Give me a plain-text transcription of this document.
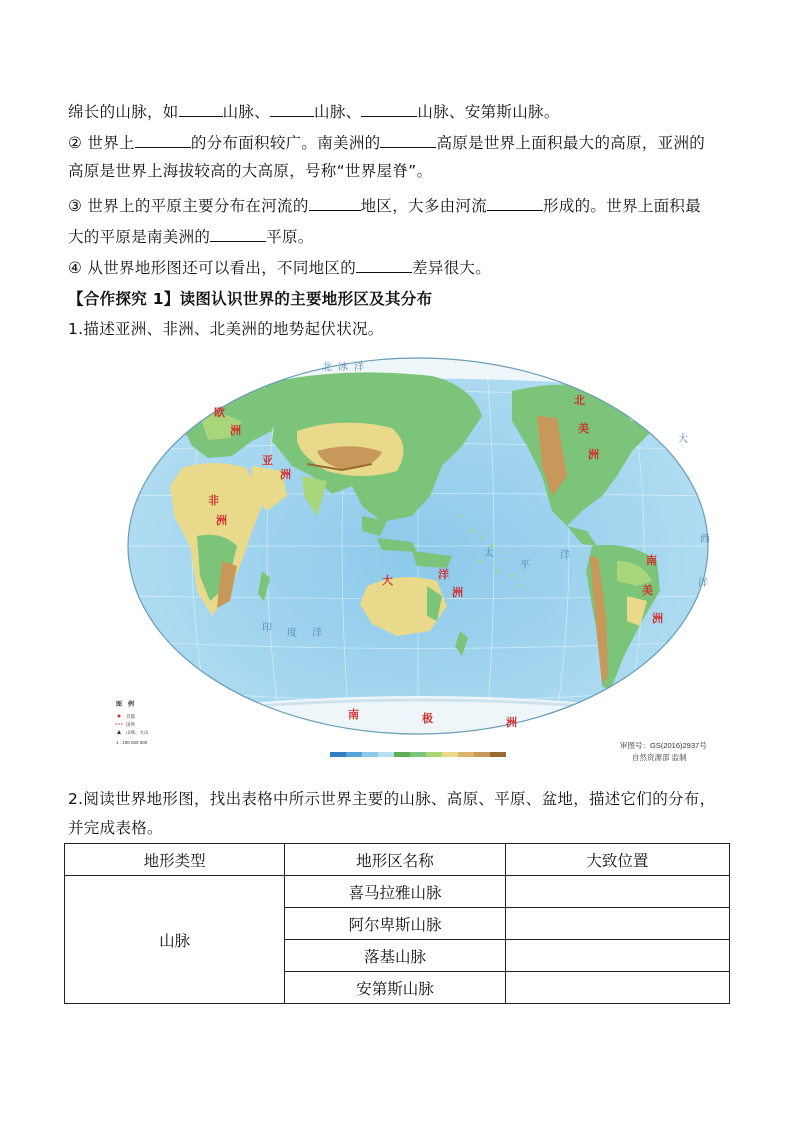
绵长的山脉，如	山脉、	山脉、	山脉、安第斯山脉。
② 世界上	的分布面积较广。南美洲的	高原是世界上面积最大的高原，亚洲的
高原是世界上海拔较高的大高原，号称“世界屋脊”。
③ 世界上的平原主要分布在河流的	地区，大多由河流	形成的。世界上面积最
大的平原是南美洲的	平原。
④ 从世界地形图还可以看出，不同地区的	差异很大。
【合作探究 1】读图认识世界的主要地形区及其分布
1.描述亚洲、非洲、北美洲的地势起伏状况。
欧
洲
亚
洲
非
洲
北
美
洲
南
美
洲
大	洋
洲
南	极	洲
太
平
洋
大
西
洋
印 度 洋
北 冰 洋
图　例
首都
国界
山峰、火山
1 : 100 000 000	审图号：GS(2016)2937号
自然资源部 监制
2.阅读世界地形图，找出表格中所示世界主要的山脉、高原、平原、盆地，描述它们的分布，
并完成表格。
地形类型	地形区名称	大致位置
山脉	喜马拉雅山脉	
	阿尔卑斯山脉	
	落基山脉	
	安第斯山脉	
